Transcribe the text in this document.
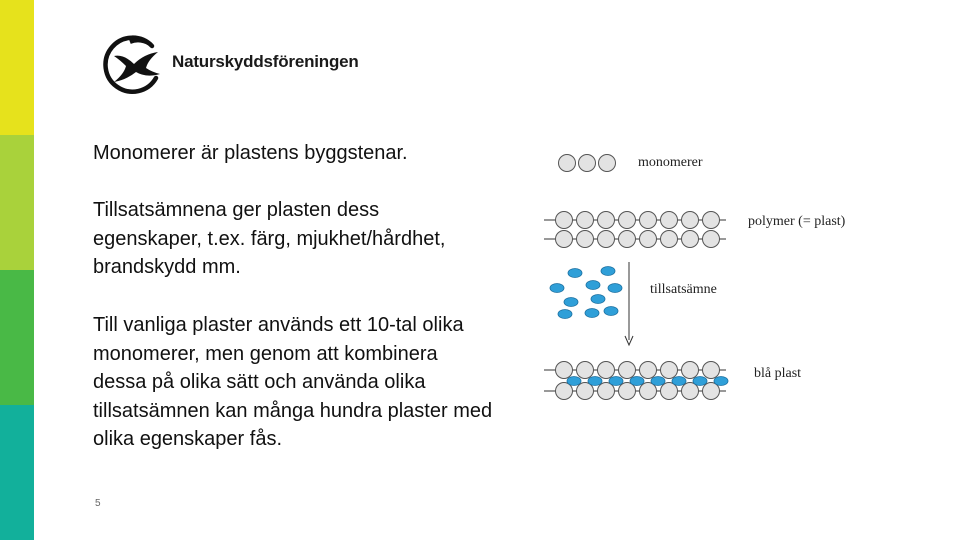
Naturskyddsföreningen
Monomerer är plastens byggstenar.
Tillsatsämnena ger plasten dess egenskaper, t.ex. färg, mjukhet/hårdhet, brandskydd mm.
Till vanliga plaster används ett 10-tal olika monomerer, men genom att kombinera dessa på olika sätt och använda olika tillsatsämnen kan många hundra plaster med olika egenskaper fås.
5
monomerer
polymer (= plast)
tillsatsämne
blå plast
